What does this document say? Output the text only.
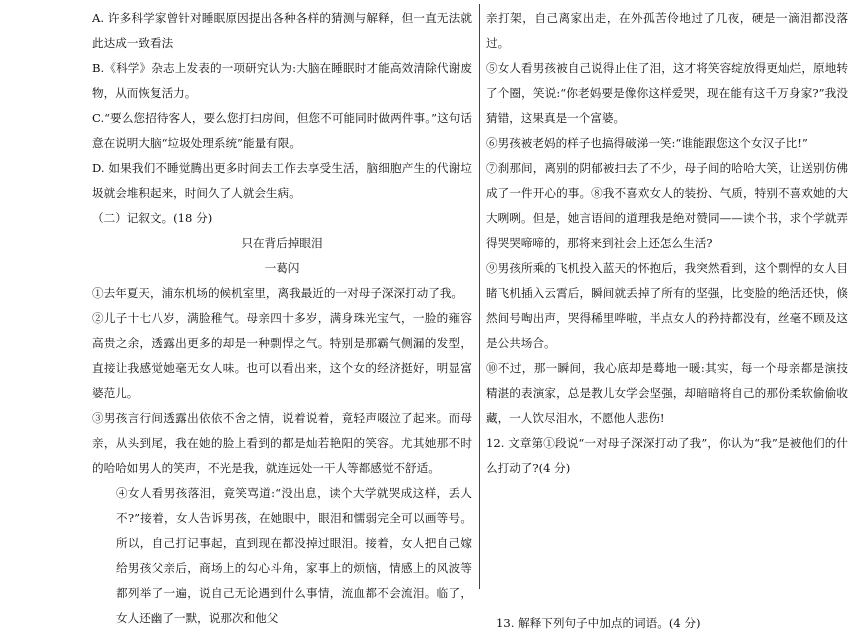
A. 许多科学家曾针对睡眠原因提出各种各样的猜测与解释，但一直无法就此达成一致看法

B.《科学》杂志上发表的一项研究认为:大脑在睡眠时才能高效清除代谢废物，从而恢复活力。

C.“要么您招待客人，要么您打扫房间，但您不可能同时做两件事。”这句话意在说明大脑“垃圾处理系统”能量有限。

D. 如果我们不睡觉腾出更多时间去工作去享受生活，脑细胞产生的代谢垃圾就会堆积起来，时间久了人就会生病。

（二）记叙文。(18 分)

只在背后掉眼泪

一葛闪

①去年夏天，浦东机场的候机室里，离我最近的一对母子深深打动了我。

②儿子十七八岁，满脸稚气。母亲四十多岁，满身珠光宝气，一脸的雍容高贵之余，透露出更多的却是一种剽悍之气。特别是那霸气侧漏的发型，直接让我感觉她毫无女人味。也可以看出来，这个女的经济挺好，明显富婆范儿。

③男孩言行间透露出依依不舍之情，说着说着，竟轻声啜泣了起来。而母亲，从头到尾，我在她的脸上看到的都是灿若艳阳的笑容。尤其她那不时的哈哈如男人的笑声，不光是我，就连远处一干人等都感觉不舒适。

④女人看男孩落泪，竟笑骂道:“没出息，读个大学就哭成这样，丢人不?”接着，女人告诉男孩，在她眼中，眼泪和懦弱完全可以画等号。所以，自己打记事起，直到现在都没掉过眼泪。接着，女人把自己嫁给男孩父亲后，商场上的勾心斗角，家事上的烦恼，情感上的风波等都列举了一遍，说自己无论遇到什么事情，流血都不会流泪。临了，女人还幽了一默，说那次和他父

亲打架，自己离家出走，在外孤苦伶地过了几夜，硬是一滴泪都没落过。

⑤女人看男孩被自己说得止住了泪，这才将笑容绽放得更灿烂，原地转了个圈，笑说:“你老妈要是像你这样爱哭，现在能有这千万身家?”我没猜错，这果真是一个富婆。

⑥男孩被老妈的样子也搞得破涕一笑:“谁能跟您这个女汉子比!”

⑦刹那间，离别的阴郁被扫去了不少，母子间的哈哈大笑，让送别仿佛成了一件开心的事。⑧我不喜欢女人的装扮、气质，特别不喜欢她的大大咧咧。但是，她言语间的道理我是绝对赞同——读个书，求个学就弄得哭哭啼啼的，那将来到社会上还怎么生活?

⑨男孩所乘的飞机投入蓝天的怀抱后，我突然看到，这个剽悍的女人目睹飞机插入云霄后，瞬间就丢掉了所有的坚强，比变脸的绝活还快，倏然间号啕出声，哭得稀里哗啦，半点女人的矜持都没有，丝毫不顾及这是公共场合。

⑩不过，那一瞬间，我心底却是蓦地一暖:其实，每一个母亲都是演技精湛的表演家，总是教儿女学会坚强，却暗暗将自己的那份柔软偷偷收藏，一人饮尽泪水，不愿他人悲伤!

12. 文章第①段说“一对母子深深打动了我”，你认为“我”是被他们的什么打动了?(4 分)

13. 解释下列句子中加点的词语。(4 分)
